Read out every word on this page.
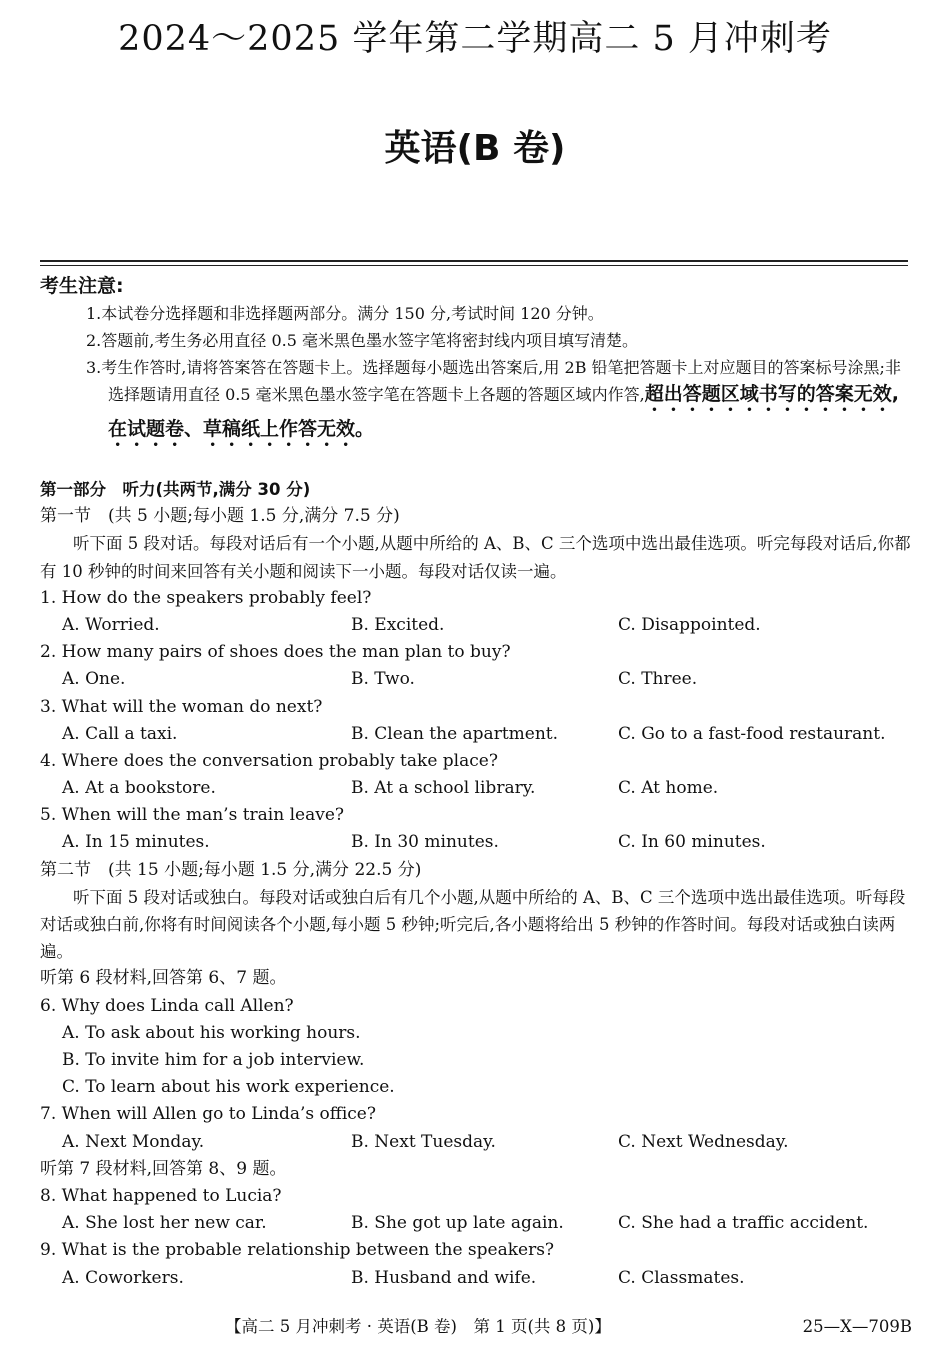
2024～2025 学年第二学期高二 5 月冲刺考
英语(B 卷)
考生注意:
1.本试卷分选择题和非选择题两部分。满分 150 分,考试时间 120 分钟。
2.答题前,考生务必用直径 0.5 毫米黑色墨水签字笔将密封线内项目填写清楚。
3.考生作答时,请将答案答在答题卡上。选择题每小题选出答案后,用 2B 铅笔把答题卡上对应题目的答案标号涂黑;非选择题请用直径 0.5 毫米黑色墨水签字笔在答题卡上各题的答题区域内作答,超出答题区域书写的答案无效,在试题卷、草稿纸上作答无效。
第一部分　听力(共两节,满分 30 分)
第一节　(共 5 小题;每小题 1.5 分,满分 7.5 分)
听下面 5 段对话。每段对话后有一个小题,从题中所给的 A、B、C 三个选项中选出最佳选项。听完每段对话后,你都有 10 秒钟的时间来回答有关小题和阅读下一小题。每段对话仅读一遍。
1. How do the speakers probably feel?
A. Worried.	B. Excited.	C. Disappointed.
2. How many pairs of shoes does the man plan to buy?
A. One.	B. Two.	C. Three.
3. What will the woman do next?
A. Call a taxi.	B. Clean the apartment.	C. Go to a fast-food restaurant.
4. Where does the conversation probably take place?
A. At a bookstore.	B. At a school library.	C. At home.
5. When will the man’s train leave?
A. In 15 minutes.	B. In 30 minutes.	C. In 60 minutes.
第二节　(共 15 小题;每小题 1.5 分,满分 22.5 分)
听下面 5 段对话或独白。每段对话或独白后有几个小题,从题中所给的 A、B、C 三个选项中选出最佳选项。听每段对话或独白前,你将有时间阅读各个小题,每小题 5 秒钟;听完后,各小题将给出 5 秒钟的作答时间。每段对话或独白读两遍。
听第 6 段材料,回答第 6、7 题。
6. Why does Linda call Allen?
A. To ask about his working hours.
B. To invite him for a job interview.
C. To learn about his work experience.
7. When will Allen go to Linda’s office?
A. Next Monday.	B. Next Tuesday.	C. Next Wednesday.
听第 7 段材料,回答第 8、9 题。
8. What happened to Lucia?
A. She lost her new car.	B. She got up late again.	C. She had a traffic accident.
9. What is the probable relationship between the speakers?
A. Coworkers.	B. Husband and wife.	C. Classmates.
【高二 5 月冲刺考 · 英语(B 卷)　第 1 页(共 8 页)】	25—X—709B
